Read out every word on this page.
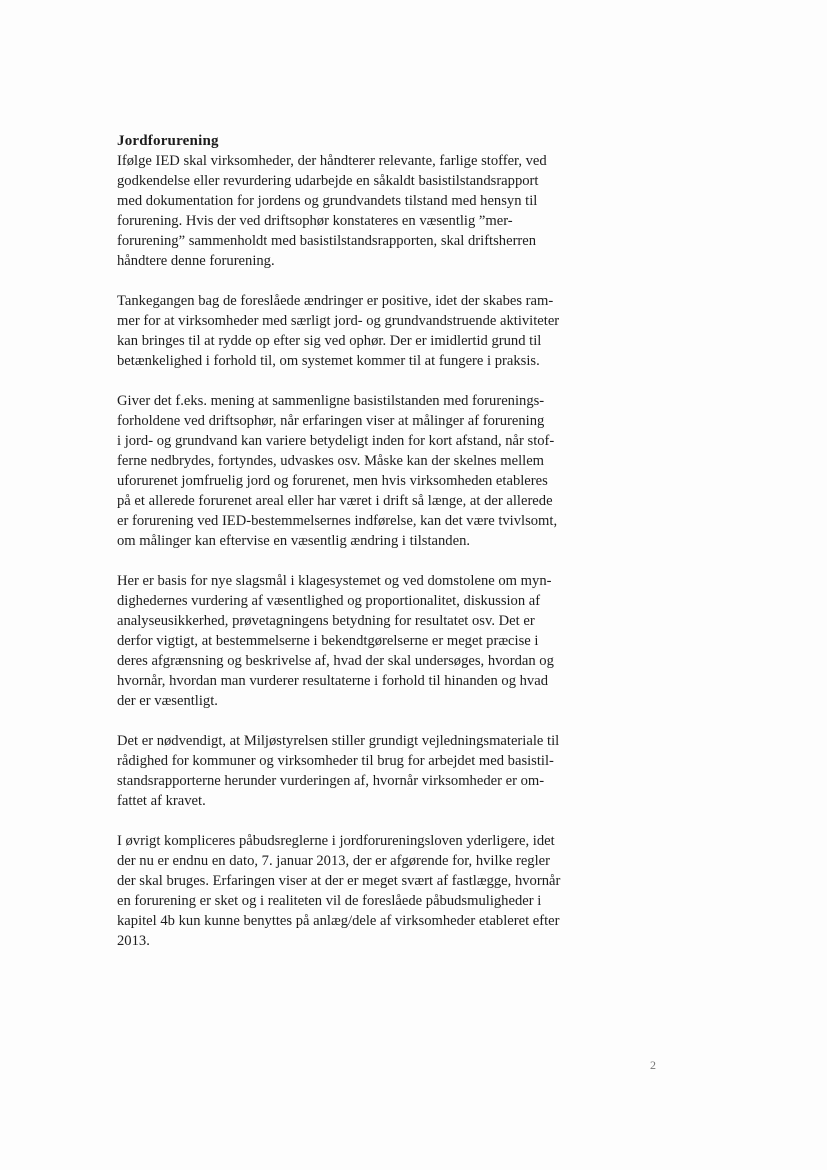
Jordforurening
Ifølge IED skal virksomheder, der håndterer relevante, farlige stoffer, ved
godkendelse eller revurdering udarbejde en såkaldt basistilstandsrapport
med dokumentation for jordens og grundvandets tilstand med hensyn til
forurening. Hvis der ved driftsophør konstateres en væsentlig ”mer-
forurening” sammenholdt med basistilstandsrapporten, skal driftsherren
håndtere denne forurening.
Tankegangen bag de foreslåede ændringer er positive, idet der skabes ram-
mer for at virksomheder med særligt jord- og grundvandstruende aktiviteter
kan bringes til at rydde op efter sig ved ophør. Der er imidlertid grund til
betænkelighed i forhold til, om systemet kommer til at fungere i praksis.
Giver det f.eks. mening at sammenligne basistilstanden med forurenings-
forholdene ved driftsophør, når erfaringen viser at målinger af forurening
i jord- og grundvand kan variere betydeligt inden for kort afstand, når stof-
ferne nedbrydes, fortyndes, udvaskes osv. Måske kan der skelnes mellem
uforurenet jomfruelig jord og forurenet, men hvis virksomheden etableres
på et allerede forurenet areal eller har været i drift så længe, at der allerede
er forurening ved IED-bestemmelsernes indførelse, kan det være tvivlsomt,
om målinger kan eftervise en væsentlig ændring i tilstanden.
Her er basis for nye slagsmål i klagesystemet og ved domstolene om myn-
dighedernes vurdering af væsentlighed og proportionalitet, diskussion af
analyseusikkerhed, prøvetagningens betydning for resultatet osv. Det er
derfor vigtigt, at bestemmelserne i bekendtgørelserne er meget præcise i
deres afgrænsning og beskrivelse af, hvad der skal undersøges, hvordan og
hvornår, hvordan man vurderer resultaterne i forhold til hinanden og hvad
der er væsentligt.
Det er nødvendigt, at Miljøstyrelsen stiller grundigt vejledningsmateriale til
rådighed for kommuner og virksomheder til brug for arbejdet med basistil-
standsrapporterne herunder vurderingen af, hvornår virksomheder er om-
fattet af kravet.
I øvrigt kompliceres påbudsreglerne i jordforureningsloven yderligere, idet
der nu er endnu en dato, 7. januar 2013, der er afgørende for, hvilke regler
der skal bruges. Erfaringen viser at der er meget svært af fastlægge, hvornår
en forurening er sket og i realiteten vil de foreslåede påbudsmuligheder i
kapitel 4b kun kunne benyttes på anlæg/dele af virksomheder etableret efter
2013.
2
